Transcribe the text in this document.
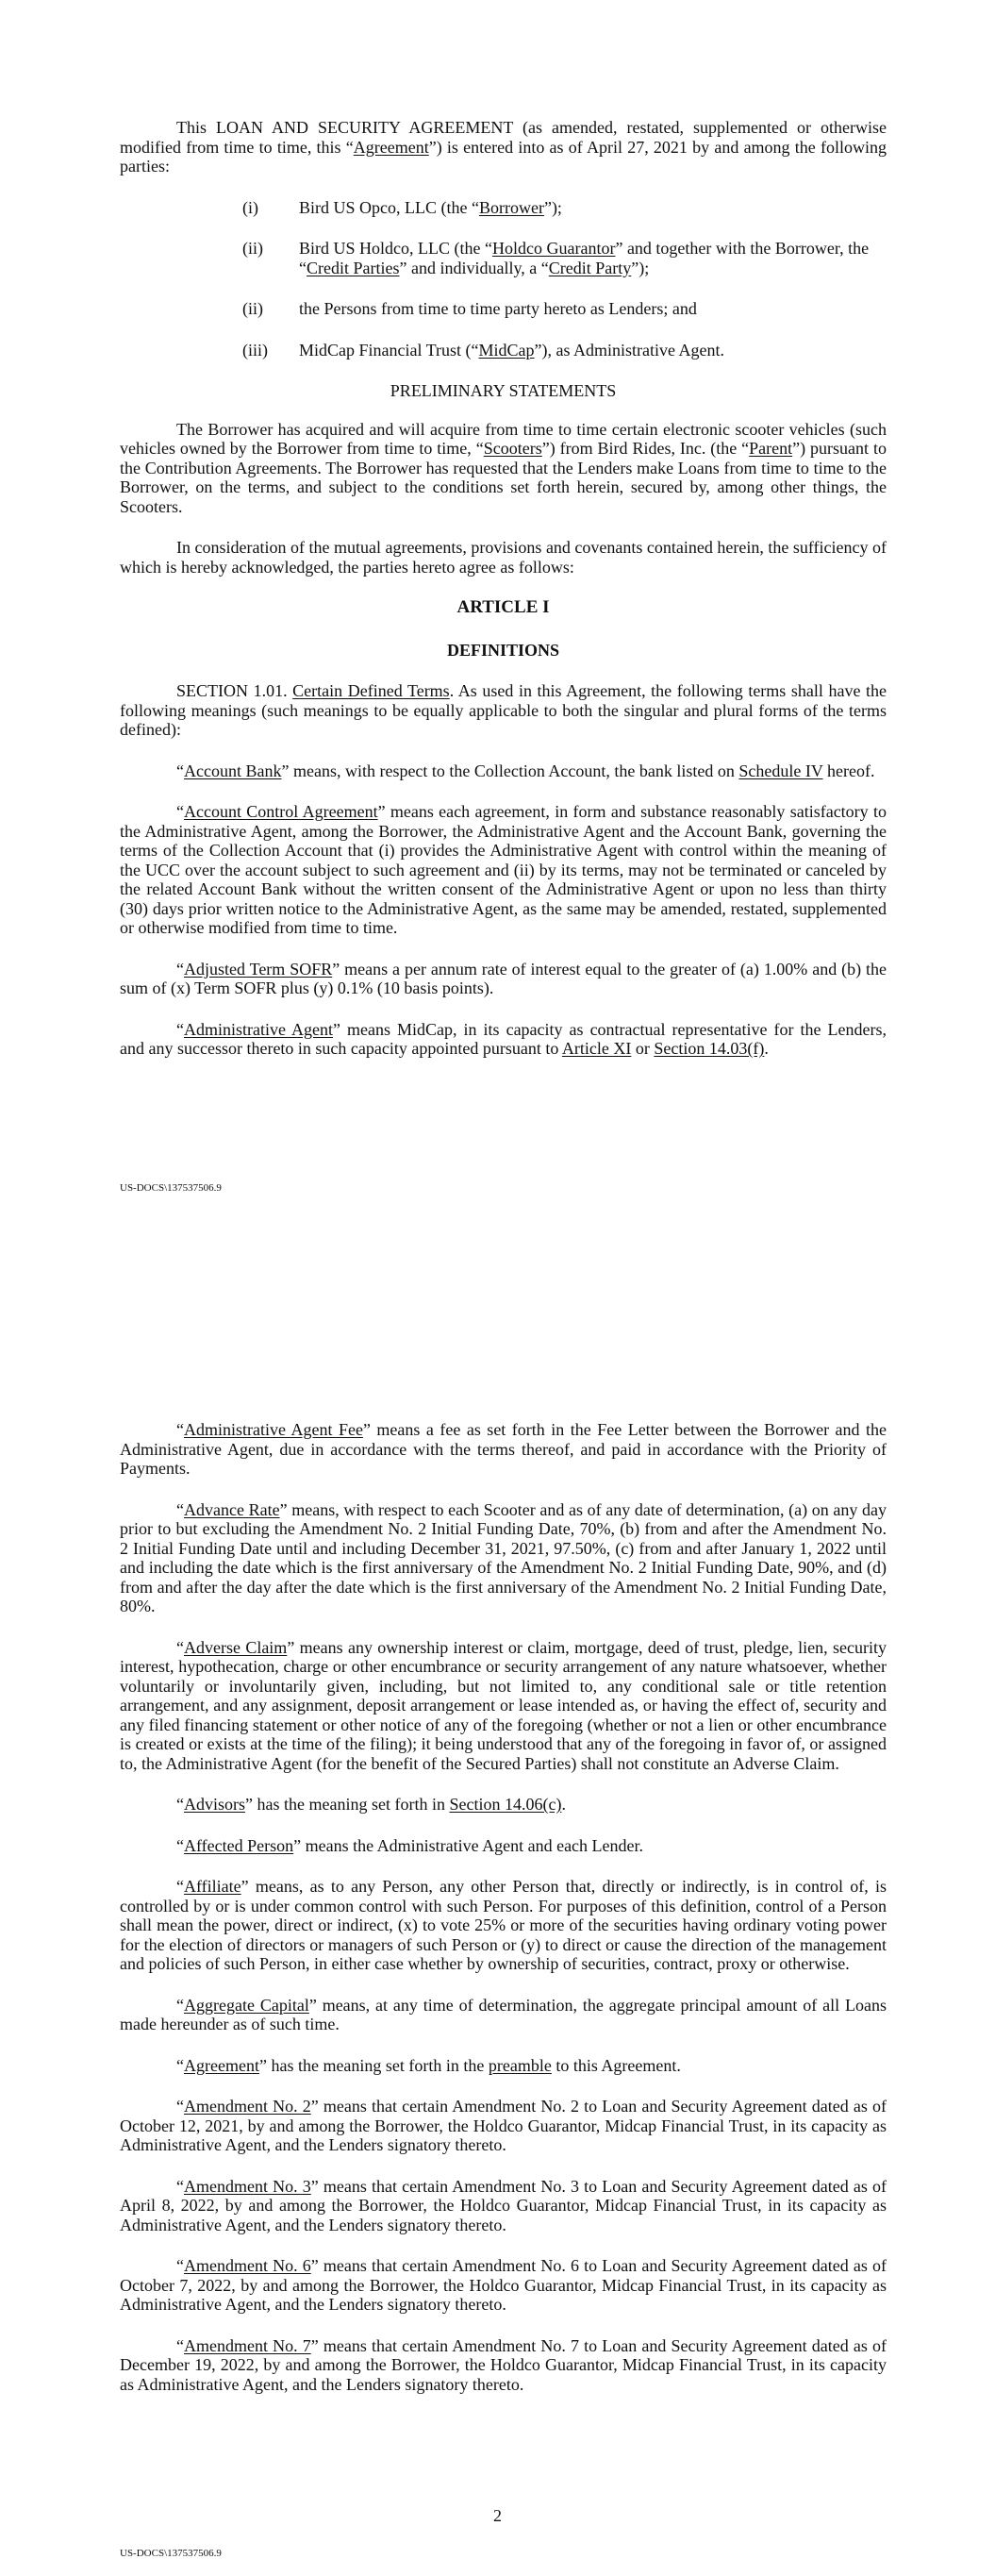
This LOAN AND SECURITY AGREEMENT (as amended, restated, supplemented or otherwise modified from time to time, this “Agreement”) is entered into as of April 27, 2021 by and among the following parties:

(i)	Bird US Opco, LLC (the “Borrower”);
(ii)	Bird US Holdco, LLC (the “Holdco Guarantor” and together with the Borrower, the “Credit Parties” and individually, a “Credit Party”);
(ii)	the Persons from time to time party hereto as Lenders; and
(iii)	MidCap Financial Trust (“MidCap”), as Administrative Agent.

PRELIMINARY STATEMENTS

The Borrower has acquired and will acquire from time to time certain electronic scooter vehicles (such vehicles owned by the Borrower from time to time, “Scooters”) from Bird Rides, Inc. (the “Parent”) pursuant to the Contribution Agreements. The Borrower has requested that the Lenders make Loans from time to time to the Borrower, on the terms, and subject to the conditions set forth herein, secured by, among other things, the Scooters.

In consideration of the mutual agreements, provisions and covenants contained herein, the sufficiency of which is hereby acknowledged, the parties hereto agree as follows:

ARTICLE I

DEFINITIONS

SECTION 1.01. Certain Defined Terms. As used in this Agreement, the following terms shall have the following meanings (such meanings to be equally applicable to both the singular and plural forms of the terms defined):

“Account Bank” means, with respect to the Collection Account, the bank listed on Schedule IV hereof.

“Account Control Agreement” means each agreement, in form and substance reasonably satisfactory to the Administrative Agent, among the Borrower, the Administrative Agent and the Account Bank, governing the terms of the Collection Account that (i) provides the Administrative Agent with control within the meaning of the UCC over the account subject to such agreement and (ii) by its terms, may not be terminated or canceled by the related Account Bank without the written consent of the Administrative Agent or upon no less than thirty (30) days prior written notice to the Administrative Agent, as the same may be amended, restated, supplemented or otherwise modified from time to time.

“Adjusted Term SOFR” means a per annum rate of interest equal to the greater of (a) 1.00% and (b) the sum of (x) Term SOFR plus (y) 0.1% (10 basis points).

“Administrative Agent” means MidCap, in its capacity as contractual representative for the Lenders, and any successor thereto in such capacity appointed pursuant to Article XI or Section 14.03(f).

US-DOCS\137537506.9

“Administrative Agent Fee” means a fee as set forth in the Fee Letter between the Borrower and the Administrative Agent, due in accordance with the terms thereof, and paid in accordance with the Priority of Payments.

“Advance Rate” means, with respect to each Scooter and as of any date of determination, (a) on any day prior to but excluding the Amendment No. 2 Initial Funding Date, 70%, (b) from and after the Amendment No. 2 Initial Funding Date until and including December 31, 2021, 97.50%, (c) from and after January 1, 2022 until and including the date which is the first anniversary of the Amendment No. 2 Initial Funding Date, 90%, and (d) from and after the day after the date which is the first anniversary of the Amendment No. 2 Initial Funding Date, 80%.

“Adverse Claim” means any ownership interest or claim, mortgage, deed of trust, pledge, lien, security interest, hypothecation, charge or other encumbrance or security arrangement of any nature whatsoever, whether voluntarily or involuntarily given, including, but not limited to, any conditional sale or title retention arrangement, and any assignment, deposit arrangement or lease intended as, or having the effect of, security and any filed financing statement or other notice of any of the foregoing (whether or not a lien or other encumbrance is created or exists at the time of the filing); it being understood that any of the foregoing in favor of, or assigned to, the Administrative Agent (for the benefit of the Secured Parties) shall not constitute an Adverse Claim.

“Advisors” has the meaning set forth in Section 14.06(c).

“Affected Person” means the Administrative Agent and each Lender.

“Affiliate” means, as to any Person, any other Person that, directly or indirectly, is in control of, is controlled by or is under common control with such Person. For purposes of this definition, control of a Person shall mean the power, direct or indirect, (x) to vote 25% or more of the securities having ordinary voting power for the election of directors or managers of such Person or (y) to direct or cause the direction of the management and policies of such Person, in either case whether by ownership of securities, contract, proxy or otherwise.

“Aggregate Capital” means, at any time of determination, the aggregate principal amount of all Loans made hereunder as of such time.

“Agreement” has the meaning set forth in the preamble to this Agreement.

“Amendment No. 2” means that certain Amendment No. 2 to Loan and Security Agreement dated as of October 12, 2021, by and among the Borrower, the Holdco Guarantor, Midcap Financial Trust, in its capacity as Administrative Agent, and the Lenders signatory thereto.

“Amendment No. 3” means that certain Amendment No. 3 to Loan and Security Agreement dated as of April 8, 2022, by and among the Borrower, the Holdco Guarantor, Midcap Financial Trust, in its capacity as Administrative Agent, and the Lenders signatory thereto.

“Amendment No. 6” means that certain Amendment No. 6 to Loan and Security Agreement dated as of October 7, 2022, by and among the Borrower, the Holdco Guarantor, Midcap Financial Trust, in its capacity as Administrative Agent, and the Lenders signatory thereto.

“Amendment No. 7” means that certain Amendment No. 7 to Loan and Security Agreement dated as of December 19, 2022, by and among the Borrower, the Holdco Guarantor, Midcap Financial Trust, in its capacity as Administrative Agent, and the Lenders signatory thereto.

2
US-DOCS\137537506.9
